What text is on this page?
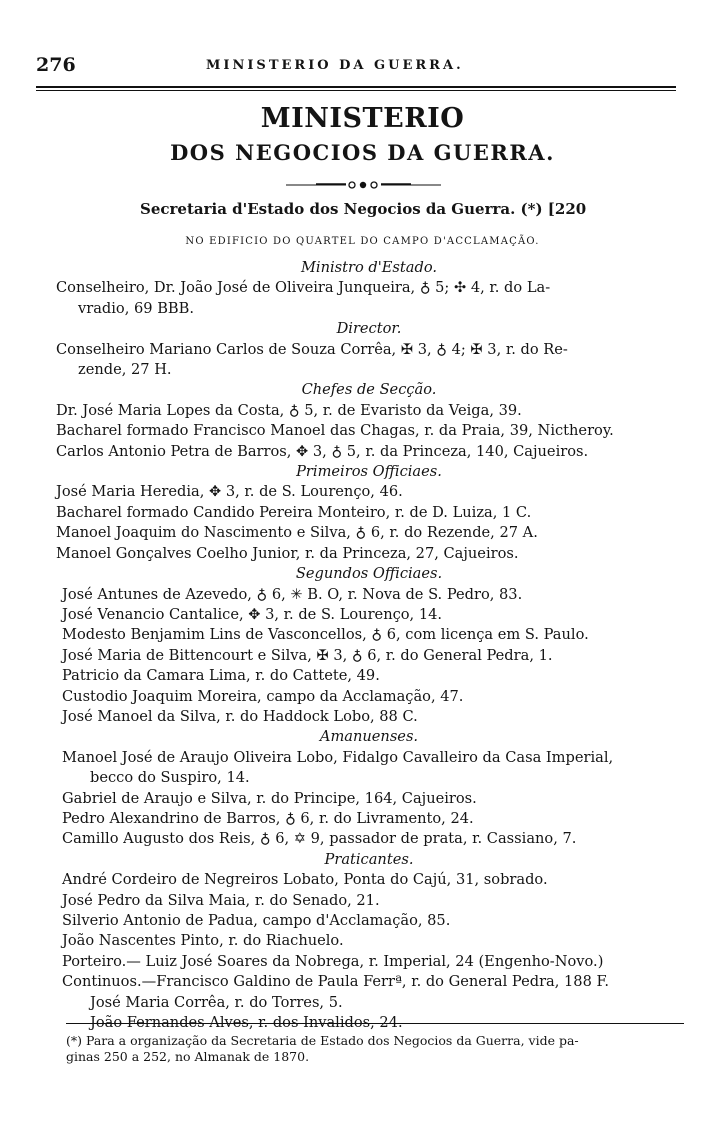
276	MINISTERIO DA GUERRA.
MINISTERIO
DOS NEGOCIOS DA GUERRA.
Secretaria d'Estado dos Negocios da Guerra. (*) [220
NO EDIFICIO DO QUARTEL DO CAMPO D'ACCLAMAÇÃO.
Ministro d'Estado.
Conselheiro, Dr. João José de Oliveira Junqueira, ♁ 5; ✣ 4, r. do La-
vradio, 69 BBB.
Director.
Conselheiro Mariano Carlos de Souza Corrêa, ✠ 3, ♁ 4; ✠ 3, r. do Re-
zende, 27 H.
Chefes de Secção.
Dr. José Maria Lopes da Costa, ♁ 5, r. de Evaristo da Veiga, 39.
Bacharel formado Francisco Manoel das Chagas, r. da Praia, 39, Nictheroy.
Carlos Antonio Petra de Barros, ✥ 3, ♁ 5, r. da Princeza, 140, Cajueiros.
Primeiros Officiaes.
José Maria Heredia, ✥ 3, r. de S. Lourenço, 46.
Bacharel formado Candido Pereira Monteiro, r. de D. Luiza, 1 C.
Manoel Joaquim do Nascimento e Silva, ♁ 6, r. do Rezende, 27 A.
Manoel Gonçalves Coelho Junior, r. da Princeza, 27, Cajueiros.
Segundos Officiaes.
José Antunes de Azevedo, ♁ 6, ✳ B. O, r. Nova de S. Pedro, 83.
José Venancio Cantalice, ✥ 3, r. de S. Lourenço, 14.
Modesto Benjamim Lins de Vasconcellos, ♁ 6, com licença em S. Paulo.
José Maria de Bittencourt e Silva, ✠ 3, ♁ 6, r. do General Pedra, 1.
Patricio da Camara Lima, r. do Cattete, 49.
Custodio Joaquim Moreira, campo da Acclamação, 47.
José Manoel da Silva, r. do Haddock Lobo, 88 C.
Amanuenses.
Manoel José de Araujo Oliveira Lobo, Fidalgo Cavalleiro da Casa Imperial,
becco do Suspiro, 14.
Gabriel de Araujo e Silva, r. do Principe, 164, Cajueiros.
Pedro Alexandrino de Barros, ♁ 6, r. do Livramento, 24.
Camillo Augusto dos Reis, ♁ 6, ✡ 9, passador de prata, r. Cassiano, 7.
Praticantes.
André Cordeiro de Negreiros Lobato, Ponta do Cajú, 31, sobrado.
José Pedro da Silva Maia, r. do Senado, 21.
Silverio Antonio de Padua, campo d'Acclamação, 85.
João Nascentes Pinto, r. do Riachuelo.
Porteiro.— Luiz José Soares da Nobrega, r. Imperial, 24 (Engenho-Novo.)
Continuos.—Francisco Galdino de Paula Ferrª, r. do General Pedra, 188 F.
José Maria Corrêa, r. do Torres, 5.
João Fernandes Alves, r. dos Invalidos, 24.
(*) Para a organização da Secretaria de Estado dos Negocios da Guerra, vide pa-
ginas 250 a 252, no Almanak de 1870.
